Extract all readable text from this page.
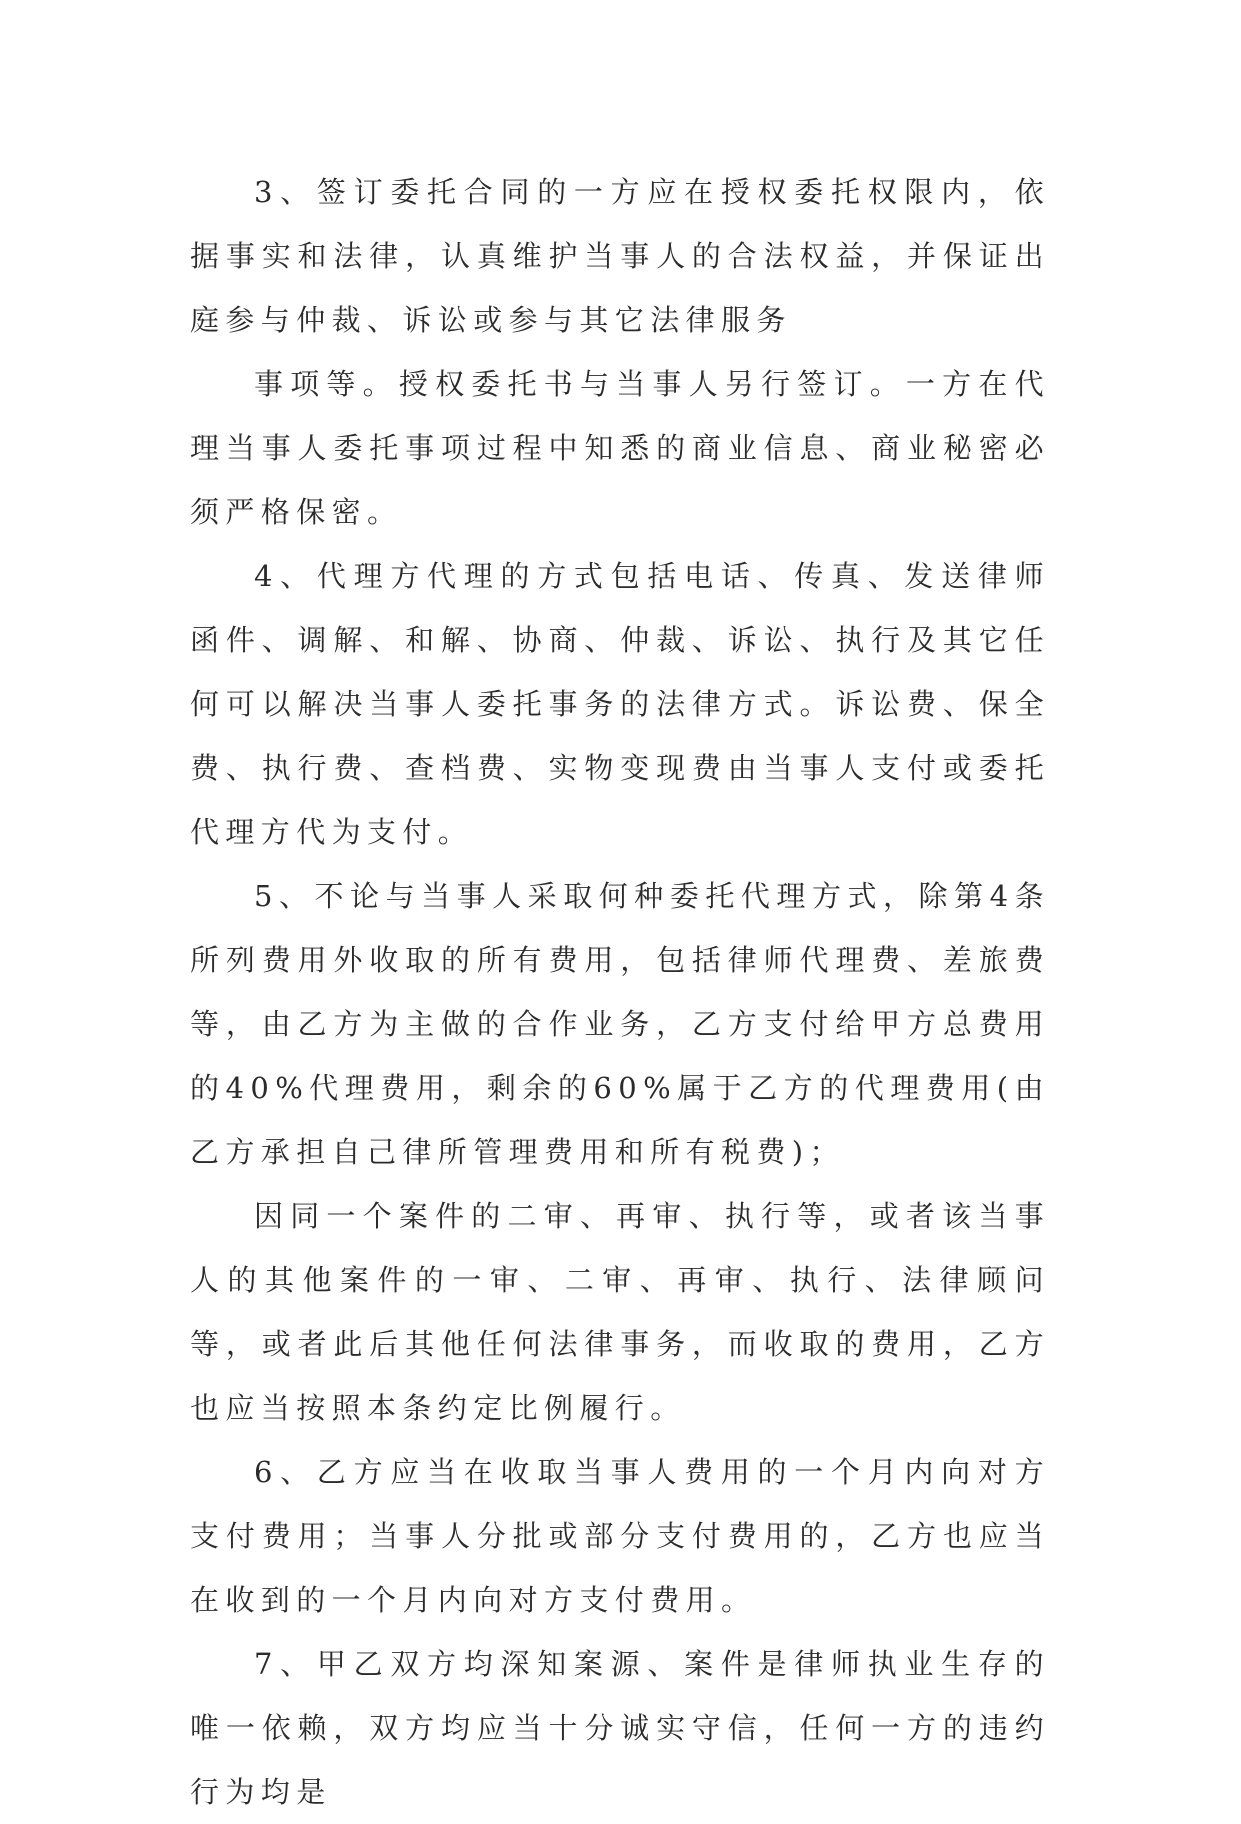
3、签订委托合同的一方应在授权委托权限内，依据事实和法律，认真维护当事人的合法权益，并保证出庭参与仲裁、诉讼或参与其它法律服务

事项等。授权委托书与当事人另行签订。一方在代理当事人委托事项过程中知悉的商业信息、商业秘密必须严格保密。

4、代理方代理的方式包括电话、传真、发送律师函件、调解、和解、协商、仲裁、诉讼、执行及其它任何可以解决当事人委托事务的法律方式。诉讼费、保全费、执行费、查档费、实物变现费由当事人支付或委托代理方代为支付。

5、不论与当事人采取何种委托代理方式，除第4条所列费用外收取的所有费用，包括律师代理费、差旅费等，由乙方为主做的合作业务，乙方支付给甲方总费用的40%代理费用，剩余的60%属于乙方的代理费用(由乙方承担自己律所管理费用和所有税费)；

因同一个案件的二审、再审、执行等，或者该当事人的其他案件的一审、二审、再审、执行、法律顾问等，或者此后其他任何法律事务，而收取的费用，乙方也应当按照本条约定比例履行。

6、乙方应当在收取当事人费用的一个月内向对方支付费用；当事人分批或部分支付费用的，乙方也应当在收到的一个月内向对方支付费用。

7、甲乙双方均深知案源、案件是律师执业生存的唯一依赖，双方均应当十分诚实守信，任何一方的违约行为均是
